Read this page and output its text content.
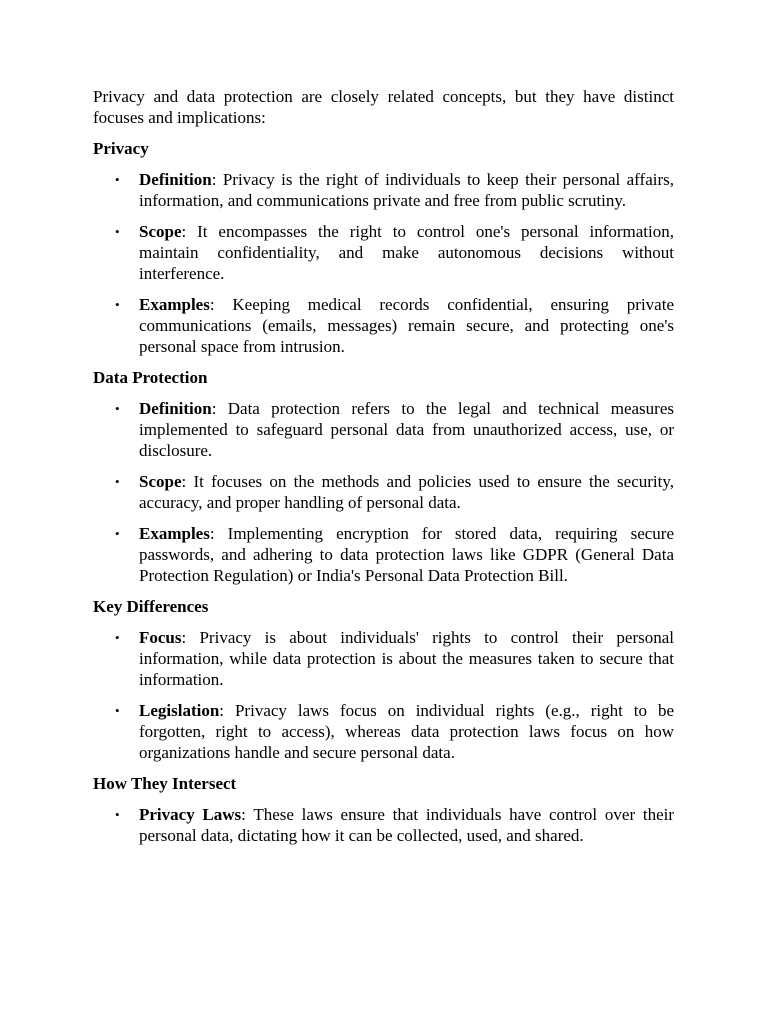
Privacy and data protection are closely related concepts, but they have distinct focuses and implications:

Privacy
• Definition: Privacy is the right of individuals to keep their personal affairs, information, and communications private and free from public scrutiny.
• Scope: It encompasses the right to control one's personal information, maintain confidentiality, and make autonomous decisions without interference.
• Examples: Keeping medical records confidential, ensuring private communications (emails, messages) remain secure, and protecting one's personal space from intrusion.
Data Protection
• Definition: Data protection refers to the legal and technical measures implemented to safeguard personal data from unauthorized access, use, or disclosure.
• Scope: It focuses on the methods and policies used to ensure the security, accuracy, and proper handling of personal data.
• Examples: Implementing encryption for stored data, requiring secure passwords, and adhering to data protection laws like GDPR (General Data Protection Regulation) or India's Personal Data Protection Bill.
Key Differences
• Focus: Privacy is about individuals' rights to control their personal information, while data protection is about the measures taken to secure that information.
• Legislation: Privacy laws focus on individual rights (e.g., right to be forgotten, right to access), whereas data protection laws focus on how organizations handle and secure personal data.
How They Intersect
• Privacy Laws: These laws ensure that individuals have control over their personal data, dictating how it can be collected, used, and shared.
